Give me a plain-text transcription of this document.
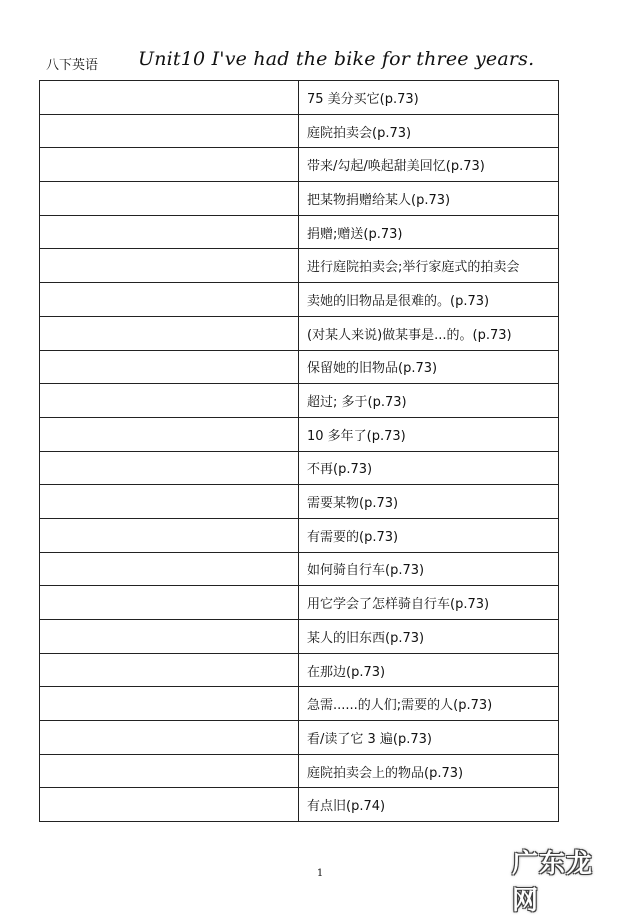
八下英语 Unit10 I've had the bike for three years.
	75 美分买它(p.73)
	庭院拍卖会(p.73)
	带来/勾起/唤起甜美回忆(p.73)
	把某物捐赠给某人(p.73)
	捐赠;赠送(p.73)
	进行庭院拍卖会;举行家庭式的拍卖会
	卖她的旧物品是很难的。(p.73)
	(对某人来说)做某事是...的。(p.73)
	保留她的旧物品(p.73)
	超过; 多于(p.73)
	10 多年了(p.73)
	不再(p.73)
	需要某物(p.73)
	有需要的(p.73)
	如何骑自行车(p.73)
	用它学会了怎样骑自行车(p.73)
	某人的旧东西(p.73)
	在那边(p.73)
	急需......的人们;需要的人(p.73)
	看/读了它 3 遍(p.73)
	庭院拍卖会上的物品(p.73)
	有点旧(p.74)
1	广东龙网
